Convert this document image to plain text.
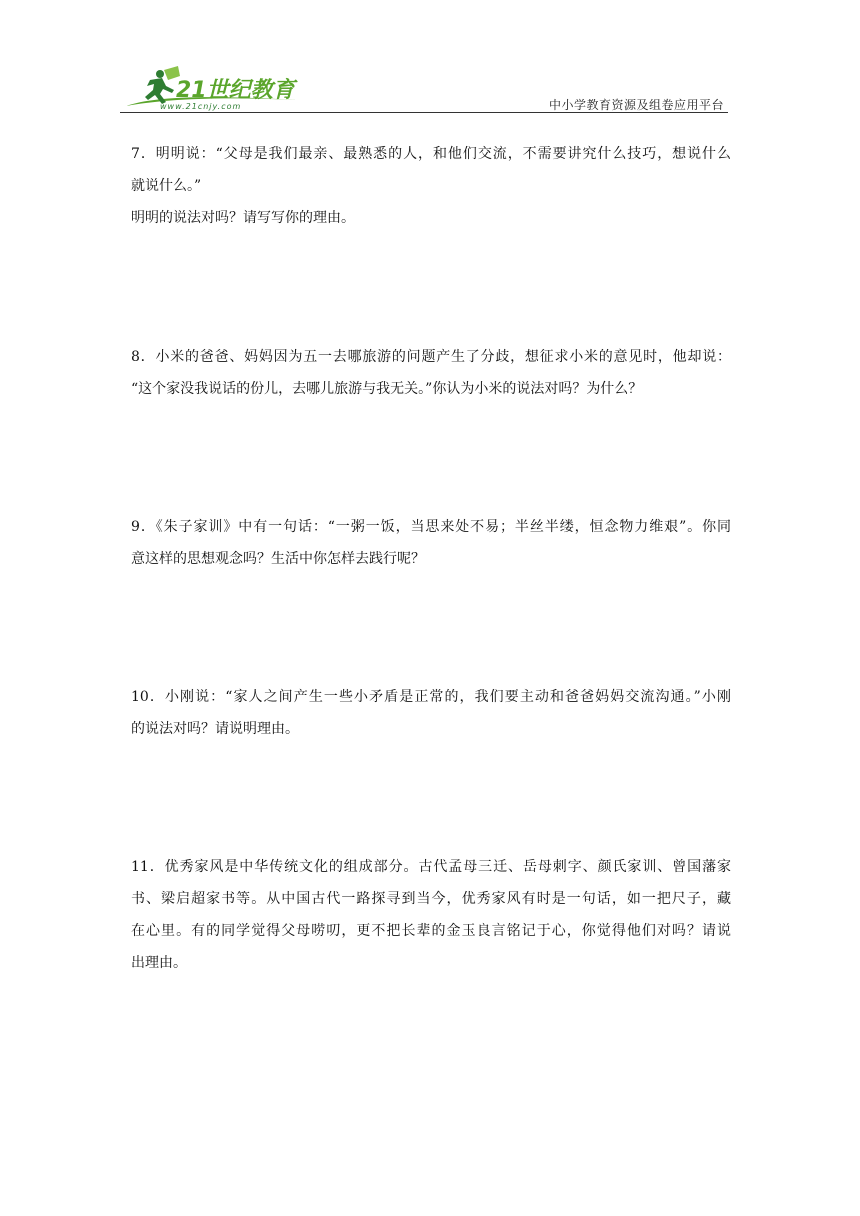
21世纪教育
www.21cnjy.com	中小学教育资源及组卷应用平台
7．明明说：“父母是我们最亲、最熟悉的人，和他们交流，不需要讲究什么技巧，想说什么
就说什么。”
明明的说法对吗？请写写你的理由。
8．小米的爸爸、妈妈因为五一去哪旅游的问题产生了分歧，想征求小米的意见时，他却说：
“这个家没我说话的份儿，去哪儿旅游与我无关。”你认为小米的说法对吗？为什么？
9．《朱子家训》中有一句话：“一粥一饭，当思来处不易；半丝半缕，恒念物力维艰”。你同
意这样的思想观念吗？生活中你怎样去践行呢？
10．小刚说：“家人之间产生一些小矛盾是正常的，我们要主动和爸爸妈妈交流沟通。”小刚
的说法对吗？请说明理由。
11．优秀家风是中华传统文化的组成部分。古代孟母三迁、岳母刺字、颜氏家训、曾国藩家
书、梁启超家书等。从中国古代一路探寻到当今，优秀家风有时是一句话，如一把尺子，藏
在心里。有的同学觉得父母唠叨，更不把长辈的金玉良言铭记于心，你觉得他们对吗？请说
出理由。
